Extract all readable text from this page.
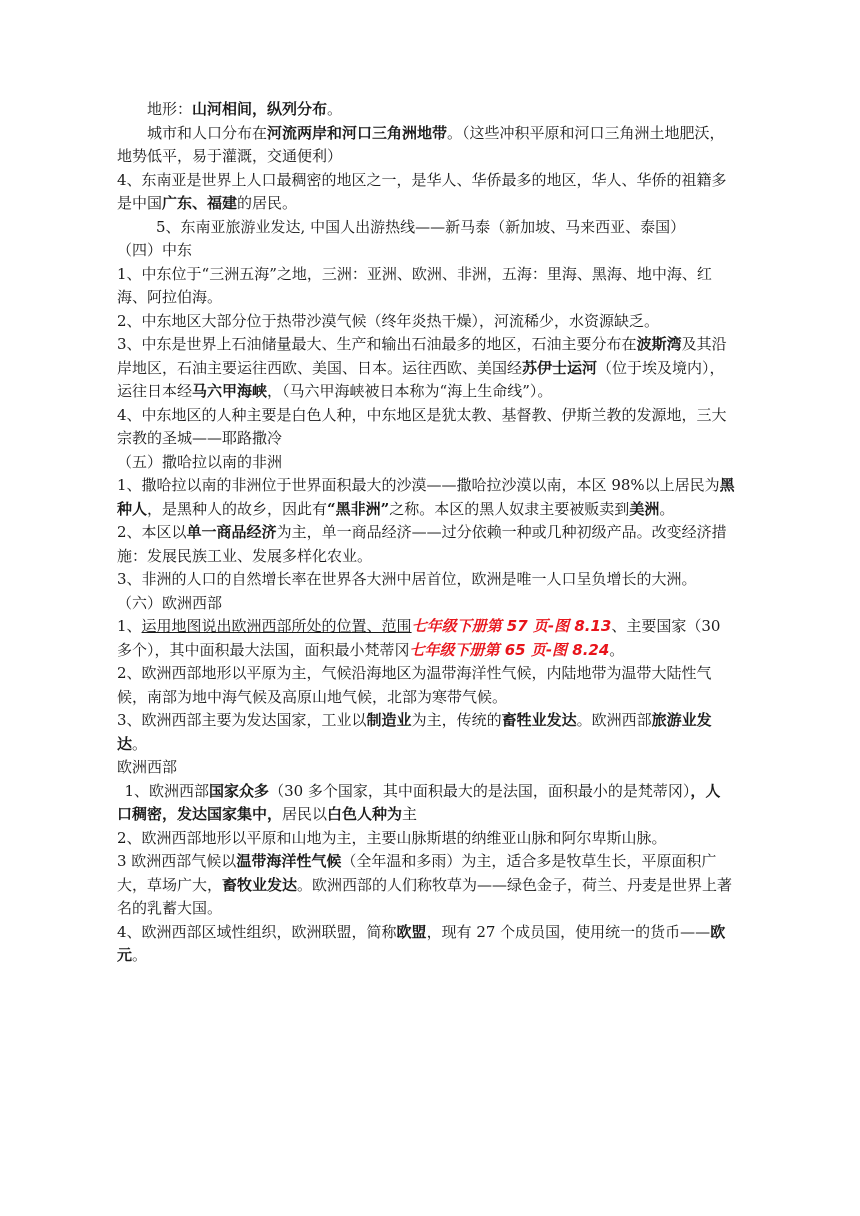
地形：山河相间，纵列分布。

城市和人口分布在河流两岸和河口三角洲地带。（这些冲积平原和河口三角洲土地肥沃，地势低平，易于灌溉，交通便利）

4、东南亚是世界上人口最稠密的地区之一，是华人、华侨最多的地区，华人、华侨的祖籍多是中国广东、福建的居民。

5、东南亚旅游业发达, 中国人出游热线——新马泰（新加坡、马来西亚、泰国）

（四）中东

1、中东位于“三洲五海”之地，三洲：亚洲、欧洲、非洲，五海：里海、黑海、地中海、红海、阿拉伯海。

2、中东地区大部分位于热带沙漠气候（终年炎热干燥），河流稀少，水资源缺乏。

3、中东是世界上石油储量最大、生产和输出石油最多的地区，石油主要分布在波斯湾及其沿岸地区，石油主要运往西欧、美国、日本。运往西欧、美国经苏伊士运河（位于埃及境内），运往日本经马六甲海峡，（马六甲海峡被日本称为“海上生命线”）。

4、中东地区的人种主要是白色人种，中东地区是犹太教、基督教、伊斯兰教的发源地，三大宗教的圣城——耶路撒冷

（五）撒哈拉以南的非洲

1、撒哈拉以南的非洲位于世界面积最大的沙漠——撒哈拉沙漠以南，本区 98%以上居民为黑种人，是黑种人的故乡，因此有“黑非洲”之称。本区的黑人奴隶主要被贩卖到美洲。

2、本区以单一商品经济为主，单一商品经济——过分依赖一种或几种初级产品。改变经济措施：发展民族工业、发展多样化农业。

3、非洲的人口的自然增长率在世界各大洲中居首位，欧洲是唯一人口呈负增长的大洲。

（六）欧洲西部

1、运用地图说出欧洲西部所处的位置、范围七年级下册第 57 页-图 8.13、主要国家（30 多个），其中面积最大法国，面积最小梵蒂冈七年级下册第 65 页-图 8.24。

2、欧洲西部地形以平原为主，气候沿海地区为温带海洋性气候，内陆地带为温带大陆性气候，南部为地中海气候及高原山地气候，北部为寒带气候。

3、欧洲西部主要为发达国家，工业以制造业为主，传统的畜牲业发达。欧洲西部旅游业发达。

欧洲西部

1、欧洲西部国家众多（30 多个国家，其中面积最大的是法国，面积最小的是梵蒂冈），人口稠密，发达国家集中，居民以白色人种为主

2、欧洲西部地形以平原和山地为主，主要山脉斯堪的纳维亚山脉和阿尔卑斯山脉。

3 欧洲西部气候以温带海洋性气候（全年温和多雨）为主，适合多是牧草生长，平原面积广大，草场广大，畜牧业发达。欧洲西部的人们称牧草为——绿色金子，荷兰、丹麦是世界上著名的乳蓄大国。

4、欧洲西部区域性组织，欧洲联盟，简称欧盟，现有 27 个成员国，使用统一的货币——欧元。
